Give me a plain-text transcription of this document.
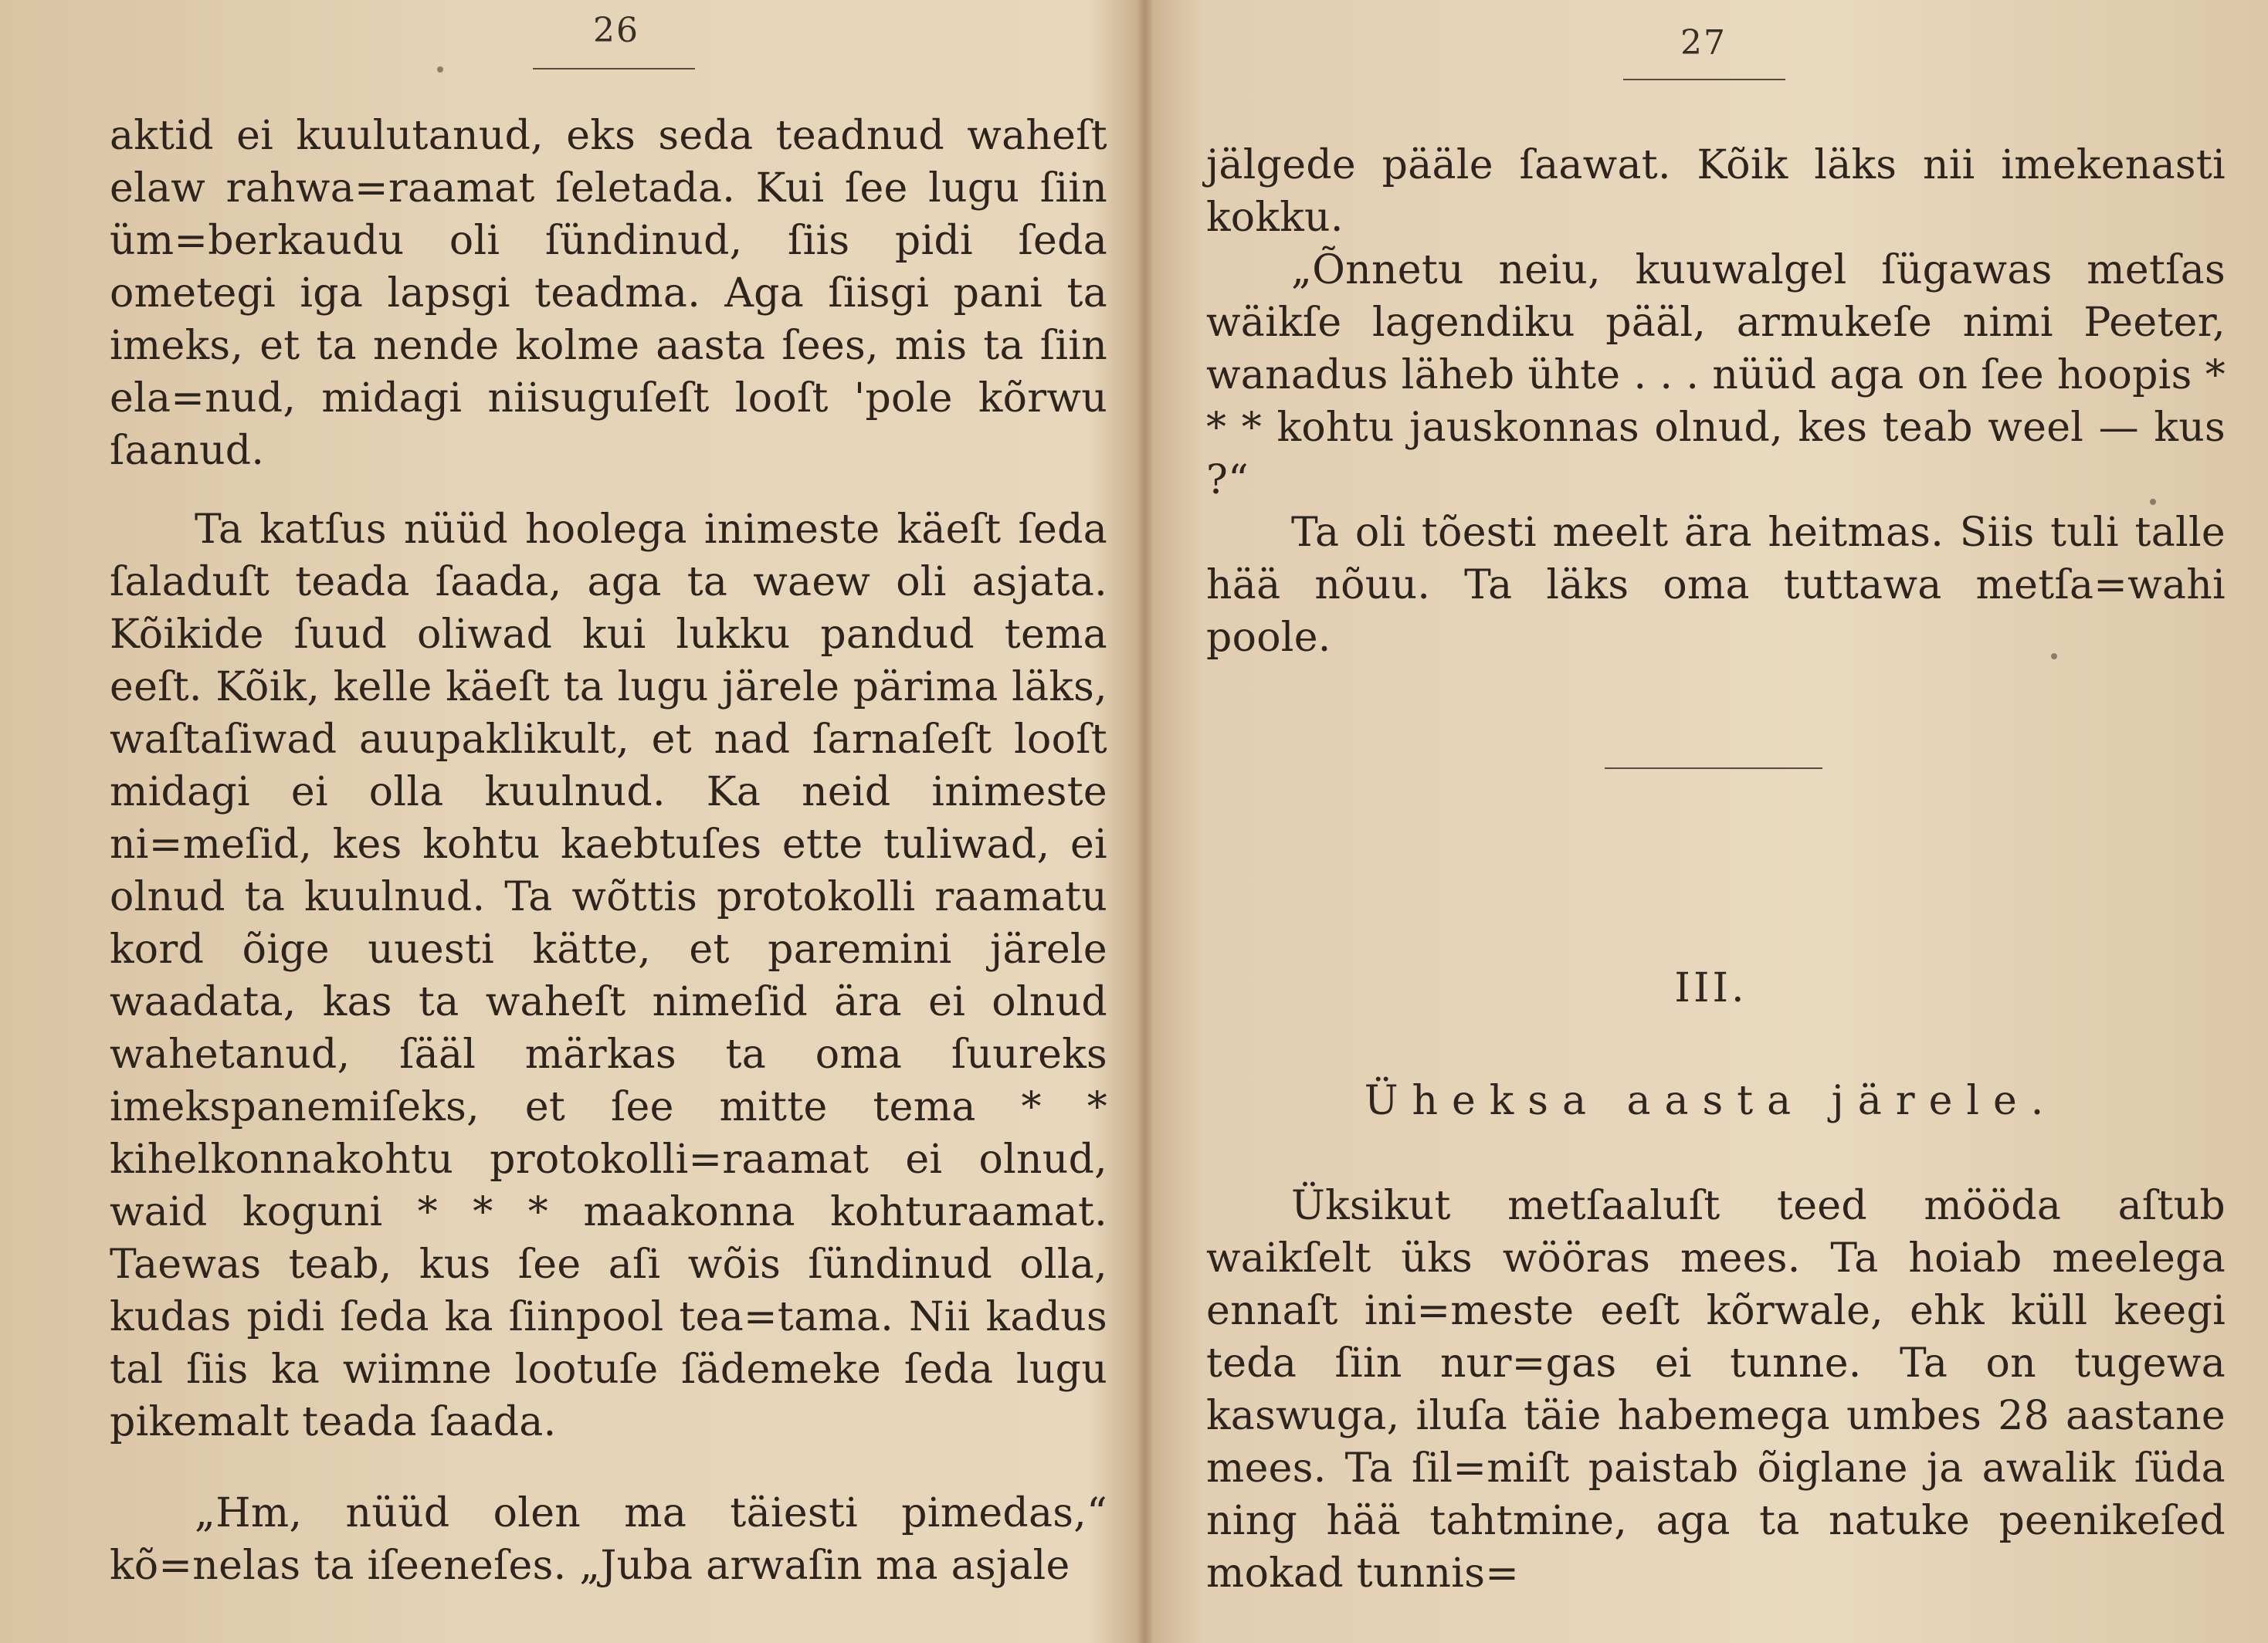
26

aktid ei kuulutanud, eks seda teadnud waheſt elaw rahwa=raamat ſeletada. Kui ſee lugu ſiin üm=berkaudu oli ſündinud, ſiis pidi ſeda ometegi iga lapsgi teadma. Aga ſiisgi pani ta imeks, et ta nende kolme aasta ſees, mis ta ſiin ela=nud, midagi niisuguſeſt looſt 'pole kõrwu ſaanud.

Ta katſus nüüd hoolega inimeste käeſt ſeda ſaladuſt teada ſaada, aga ta waew oli asjata. Kõikide ſuud oliwad kui lukku pandud tema eeſt. Kõik, kelle käeſt ta lugu järele pärima läks, waſtaſiwad auupaklikult, et nad ſarnaſeſt looſt midagi ei olla kuulnud. Ka neid inimeste ni=meſid, kes kohtu kaebtuſes ette tuliwad, ei olnud ta kuulnud. Ta wõttis protokolli raamatu kord õige uuesti kätte, et paremini järele waadata, kas ta waheſt nimeſid ära ei olnud wahetanud, ſääl märkas ta oma ſuureks imekspanemiſeks, et ſee mitte tema * * kihelkonnakohtu protokolli=raamat ei olnud, waid koguni * * * maakonna kohturaamat. Taewas teab, kus ſee aſi wõis ſündinud olla, kudas pidi ſeda ka ſiinpool tea=tama. Nii kadus tal ſiis ka wiimne lootuſe ſädemeke ſeda lugu pikemalt teada ſaada.

„Hm, nüüd olen ma täiesti pimedas,“ kõ=nelas ta iſeeneſes. „Juba arwaſin ma asjale

27

jälgede pääle ſaawat. Kõik läks nii imekenasti kokku.

„Õnnetu neiu, kuuwalgel ſügawas metſas wäikſe lagendiku pääl, armukeſe nimi Peeter, wanadus läheb ühte . . . nüüd aga on ſee hoopis * * * kohtu jauskonnas olnud, kes teab weel — kus ?“

Ta oli tõesti meelt ära heitmas. Siis tuli talle hää nõuu. Ta läks oma tuttawa metſa=wahi poole.

III.
Üheksa aasta järele.

Üksikut metſaaluſt teed mööda aſtub waikſelt üks wööras mees. Ta hoiab meelega ennaſt ini=meste eeſt kõrwale, ehk küll keegi teda ſiin nur=gas ei tunne. Ta on tugewa kaswuga, iluſa täie habemega umbes 28 aastane mees. Ta ſil=miſt paistab õiglane ja awalik ſüda ning hää tahtmine, aga ta natuke peenikeſed mokad tunnis=
